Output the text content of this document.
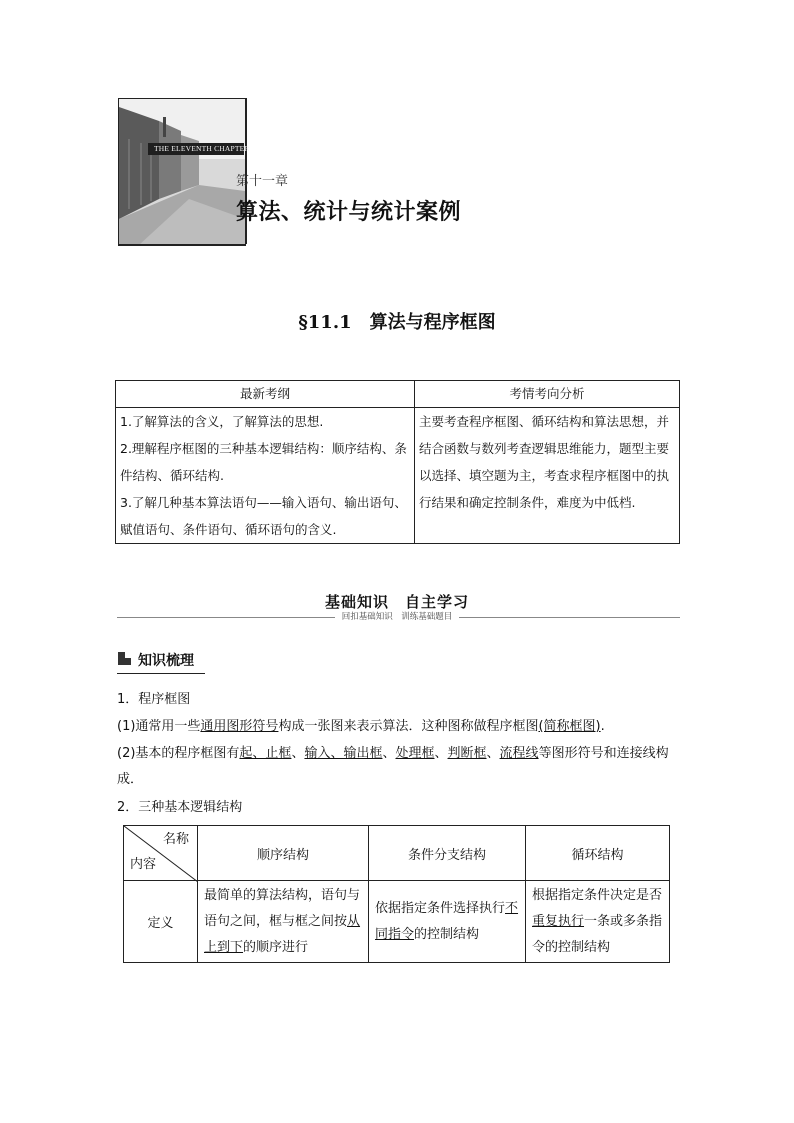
THE ELEVENTH CHAPTER
第十一章
算法、统计与统计案例
§11.1　算法与程序框图
最新考纲	考情考向分析

1.了解算法的含义，了解算法的思想.

2.理解程序框图的三种基本逻辑结构：顺序结构、条件结构、循环结构.

3.了解几种基本算法语句——输入语句、输出语句、赋值语句、条件语句、循环语句的含义.	主要考查程序框图、循环结构和算法思想，并结合函数与数列考查逻辑思维能力，题型主要以选择、填空题为主，考查求程序框图中的执行结果和确定控制条件，难度为中低档.
基础知识　自主学习
回扣基础知识　训练基础题目
知识梳理
1．程序框图
(1)通常用一些通用图形符号构成一张图来表示算法．这种图称做程序框图(简称框图).
(2)基本的程序框图有起、止框、输入、输出框、处理框、判断框、流程线等图形符号和连接线构成．
2．三种基本逻辑结构
名称
内容	顺序结构	条件分支结构	循环结构
定义	最简单的算法结构，语句与语句之间，框与框之间按从上到下的顺序进行	依据指定条件选择执行不同指令的控制结构	根据指定条件决定是否重复执行一条或多条指令的控制结构
